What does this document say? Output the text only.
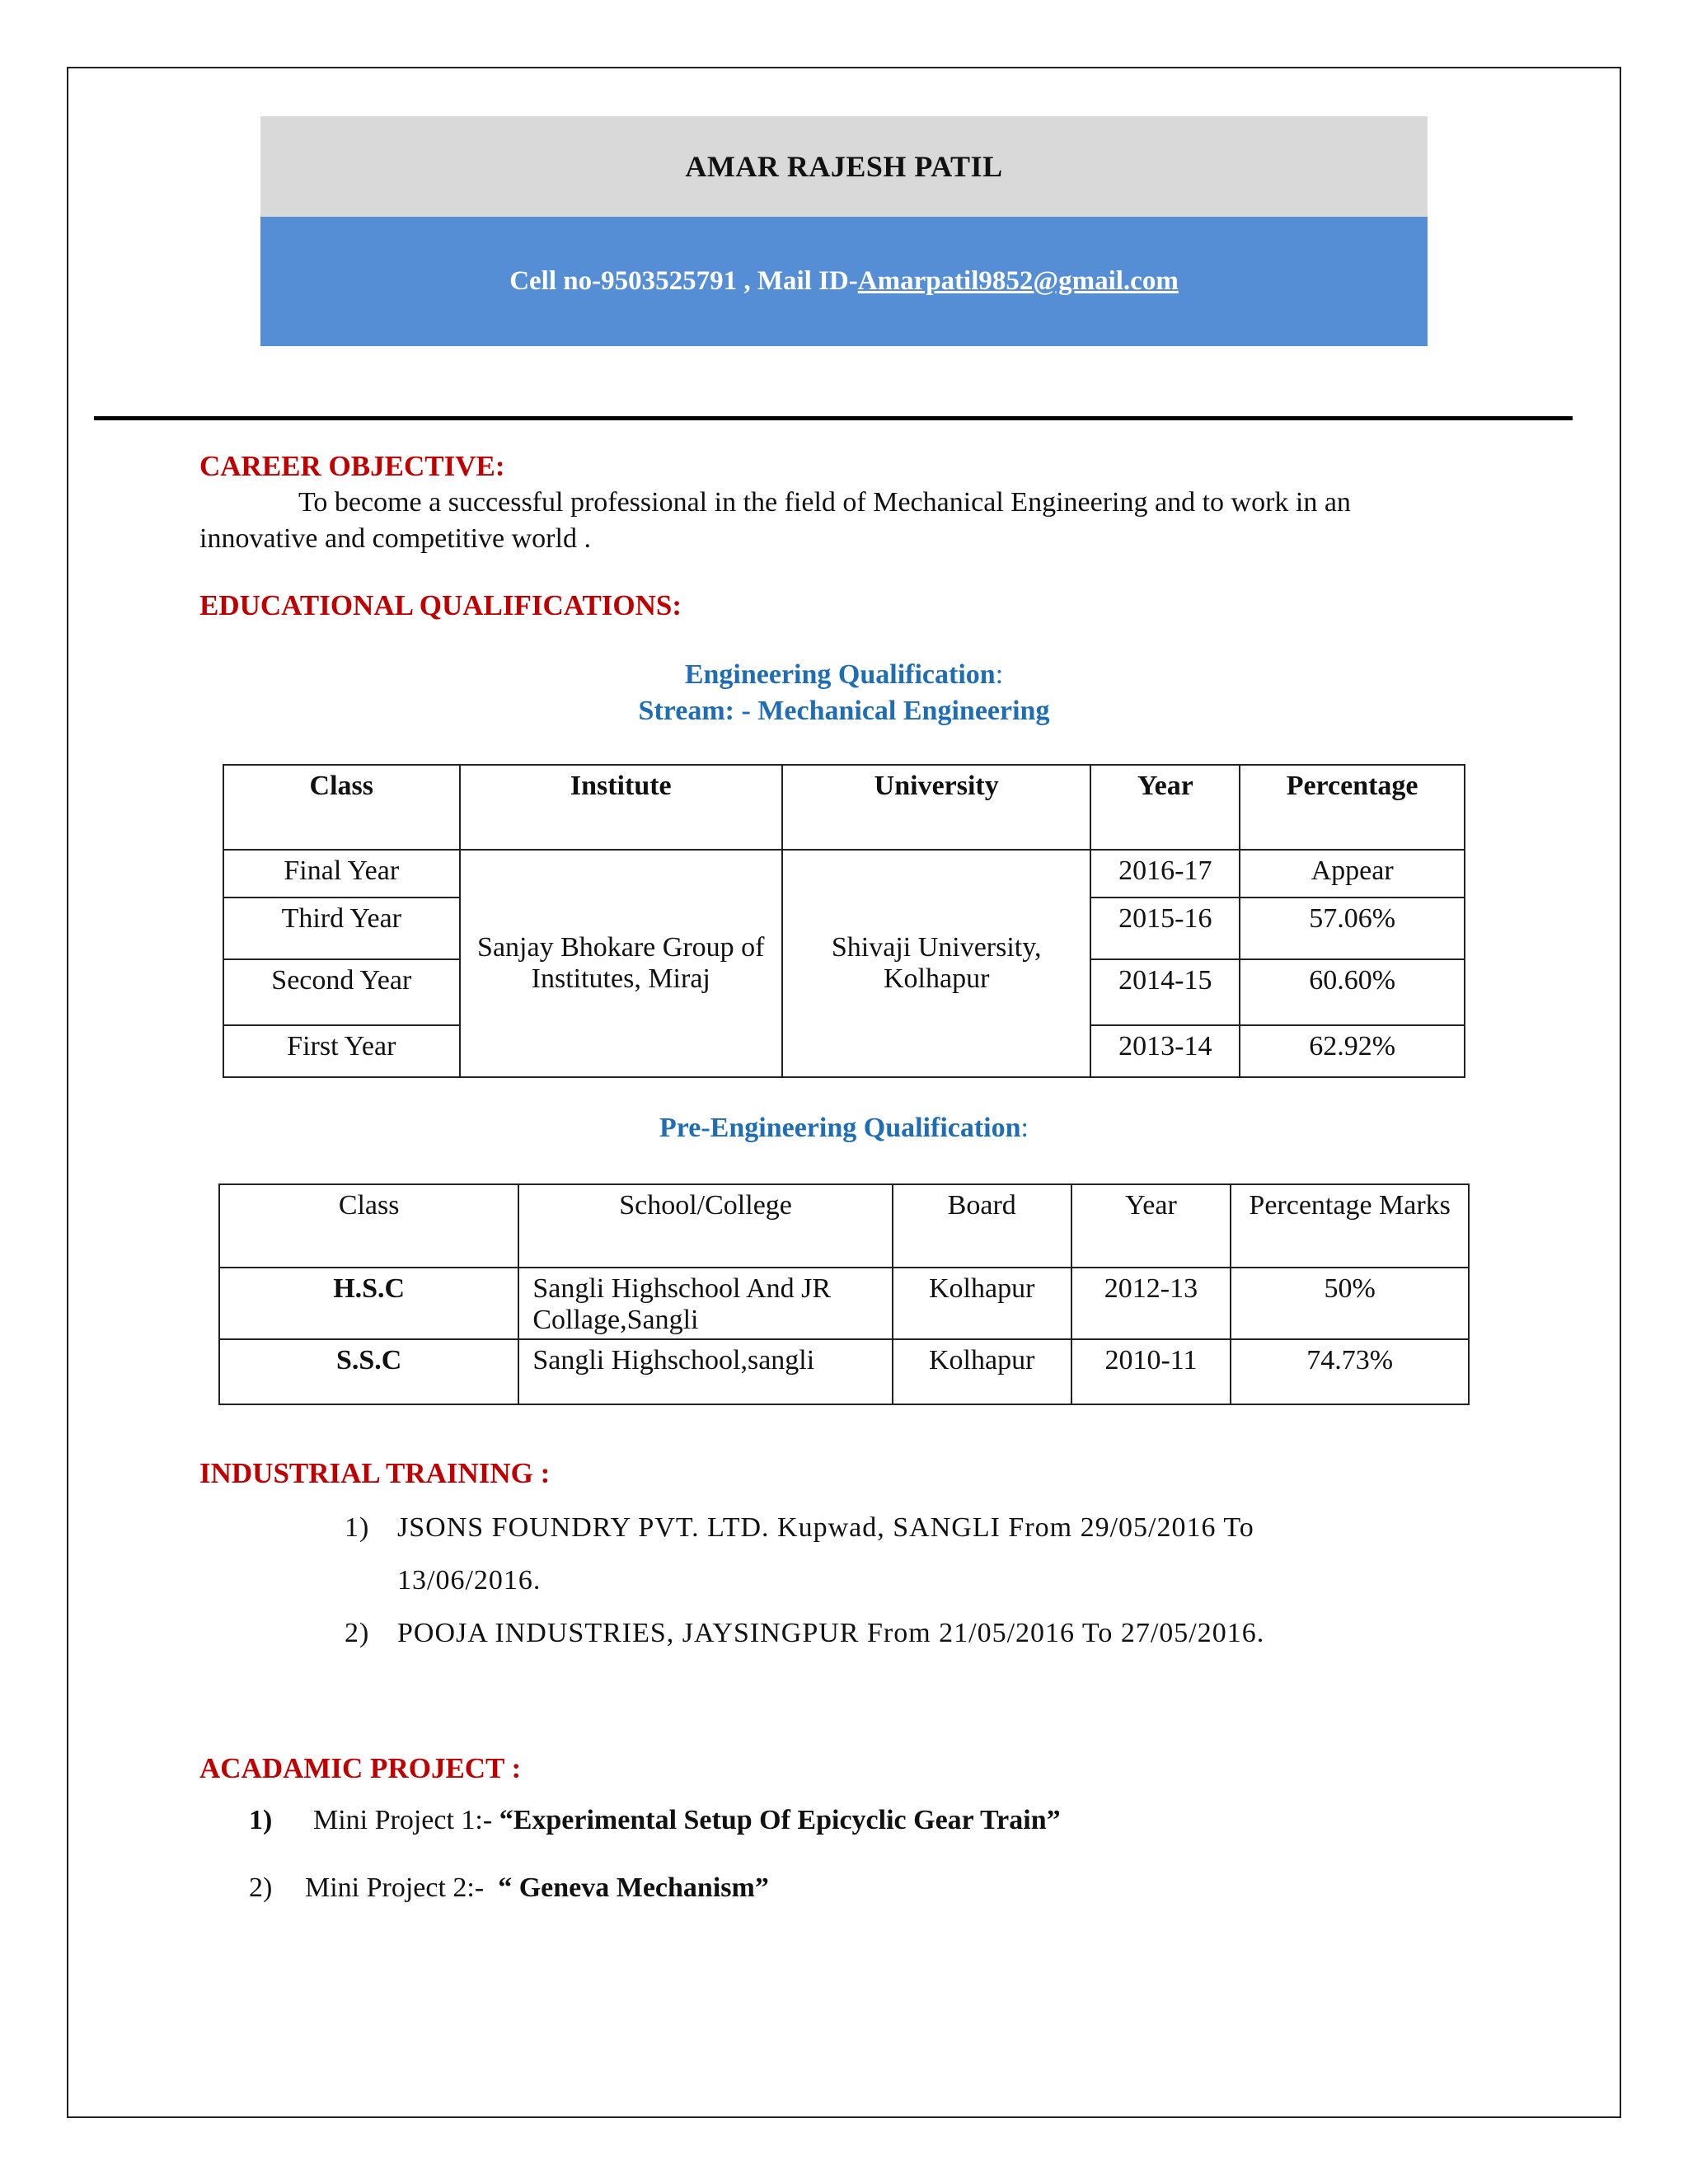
AMAR RAJESH PATIL
Cell no-9503525791 , Mail ID- Amarpatil9852@gmail.com
CAREER OBJECTIVE:
To become a successful professional in the field of Mechanical Engineering and to work in an innovative and competitive world .
EDUCATIONAL QUALIFICATIONS:
Engineering Qualification:
Stream: - Mechanical Engineering
Class	Institute	University	Year	Percentage
Final Year	Sanjay Bhokare Group of Institutes, Miraj	Shivaji University, Kolhapur	2016-17	Appear
Third Year			2015-16	57.06%
Second Year			2014-15	60.60%
First Year			2013-14	62.92%
Pre-Engineering Qualification:
Class	School/College	Board	Year	Percentage Marks
H.S.C	Sangli Highschool And JR Collage,Sangli	Kolhapur	2012-13	50%
S.S.C	Sangli Highschool,sangli	Kolhapur	2010-11	74.73%
INDUSTRIAL TRAINING :
1) JSONS FOUNDRY PVT. LTD. Kupwad, SANGLI From 29/05/2016 To
13/06/2016.
2) POOJA INDUSTRIES, JAYSINGPUR From 21/05/2016 To 27/05/2016.
ACADAMIC PROJECT :
1) Mini Project 1:- “Experimental Setup Of Epicyclic Gear Train”
2) Mini Project 2:- “ Geneva Mechanism”
